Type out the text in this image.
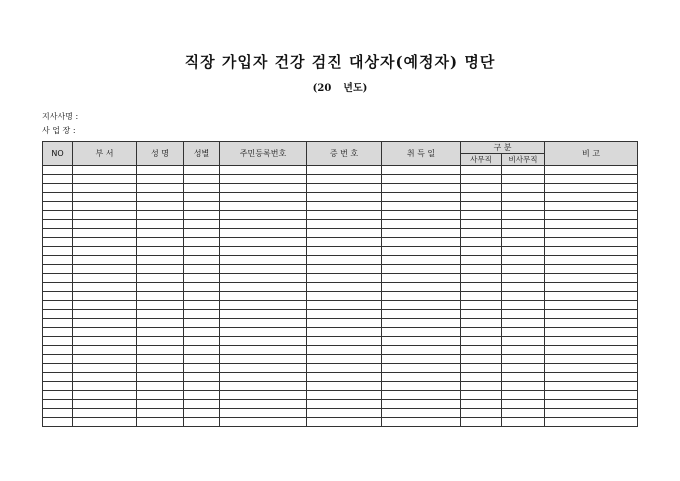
직장 가입자 건강 검진 대상자(예정자) 명단
(20 년도)
지사사명 :
사 업 장 :
NO	부 서	성 명	성별	주민등록번호	증 번 호	취 득 일	구 분		비 고
							사무직	비사무직	
